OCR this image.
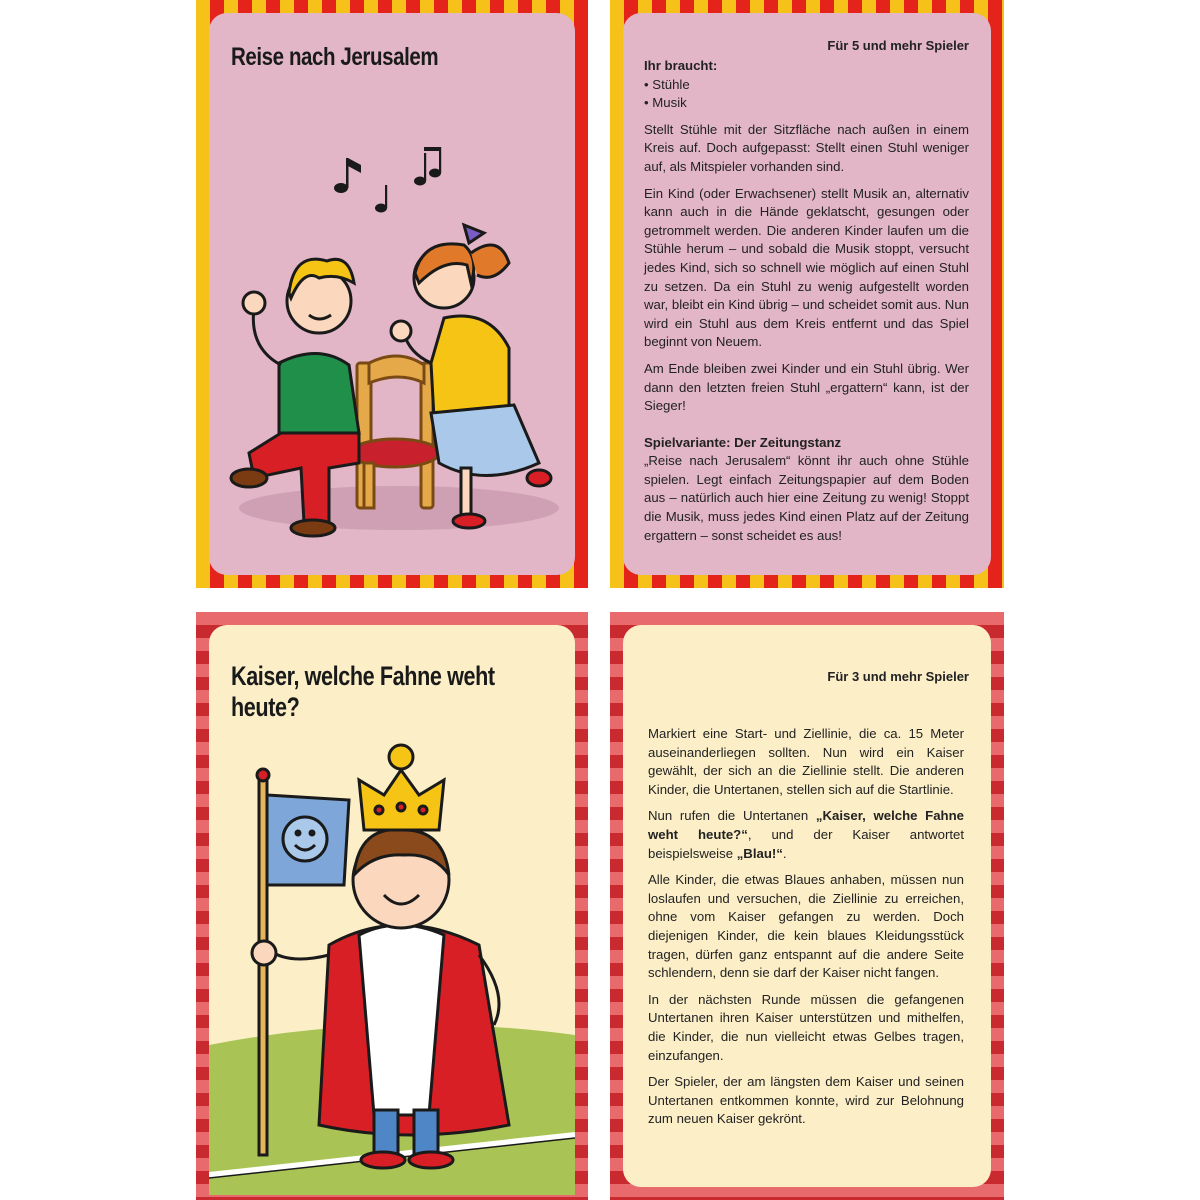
Reise nach Jerusalem	Für 5 und mehr Spieler
Ihr braucht:
• Stühle
• Musik

Stellt Stühle mit der Sitzfläche nach außen in einem Kreis auf. Doch aufgepasst: Stellt einen Stuhl weniger auf, als Mitspieler vorhanden sind.

Ein Kind (oder Erwachsener) stellt Musik an, alternativ kann auch in die Hände geklatscht, gesungen oder getrommelt werden. Die anderen Kinder laufen um die Stühle herum – und sobald die Musik stoppt, versucht jedes Kind, sich so schnell wie möglich auf einen Stuhl zu setzen. Da ein Stuhl zu wenig aufgestellt worden war, bleibt ein Kind übrig – und scheidet somit aus. Nun wird ein Stuhl aus dem Kreis entfernt und das Spiel beginnt von Neuem.

Am Ende bleiben zwei Kinder und ein Stuhl übrig. Wer dann den letzten freien Stuhl „ergattern“ kann, ist der Sieger!

Spielvariante: Der Zeitungstanz

„Reise nach Jerusalem“ könnt ihr auch ohne Stühle spielen. Legt einfach Zeitungspapier auf dem Boden aus – natürlich auch hier eine Zeitung zu wenig! Stoppt die Musik, muss jedes Kind einen Platz auf der Zeitung ergattern – sonst scheidet es aus!

Kaiser, welche Fahne weht heute?
Für 3 und mehr Spieler

Markiert eine Start- und Ziellinie, die ca. 15 Meter auseinanderliegen sollten. Nun wird ein Kaiser gewählt, der sich an die Ziellinie stellt. Die anderen Kinder, die Untertanen, stellen sich auf die Startlinie.

Nun rufen die Untertanen „Kaiser, welche Fahne weht heute?“, und der Kaiser antwortet beispielsweise „Blau!“.

Alle Kinder, die etwas Blaues anhaben, müssen nun loslaufen und versuchen, die Ziellinie zu erreichen, ohne vom Kaiser gefangen zu werden. Doch diejenigen Kinder, die kein blaues Kleidungsstück tragen, dürfen ganz entspannt auf die andere Seite schlendern, denn sie darf der Kaiser nicht fangen.

In der nächsten Runde müssen die gefangenen Untertanen ihren Kaiser unterstützen und mithelfen, die Kinder, die nun vielleicht etwas Gelbes tragen, einzufangen.

Der Spieler, der am längsten dem Kaiser und seinen Untertanen entkommen konnte, wird zur Belohnung zum neuen Kaiser gekrönt.
